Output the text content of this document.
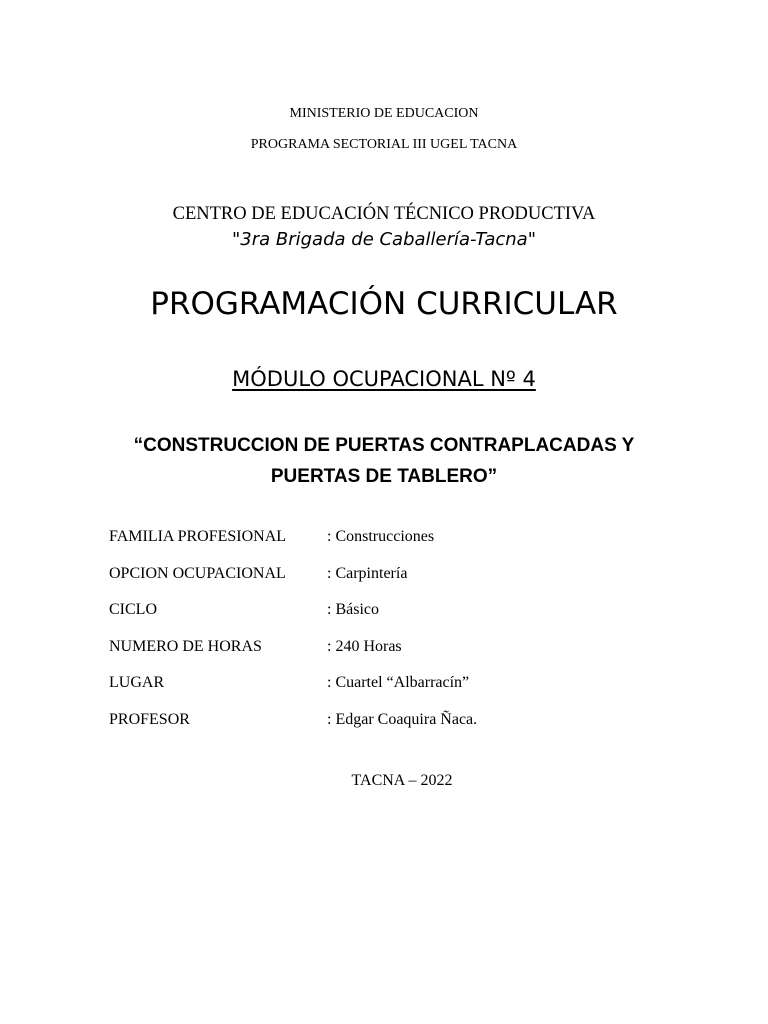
MINISTERIO DE EDUCACION
PROGRAMA SECTORIAL III UGEL TACNA
CENTRO DE EDUCACIÓN TÉCNICO PRODUCTIVA
"3ra Brigada de Caballería-Tacna"
PROGRAMACIÓN CURRICULAR
MÓDULO OCUPACIONAL Nº 4
“CONSTRUCCION DE PUERTAS CONTRAPLACADAS Y
PUERTAS DE TABLERO”
FAMILIA PROFESIONAL	: Construcciones
OPCION OCUPACIONAL	: Carpintería
CICLO	: Básico
NUMERO DE HORAS	: 240 Horas
LUGAR	: Cuartel “Albarracín”
PROFESOR	: Edgar Coaquira Ñaca.
TACNA – 2022
